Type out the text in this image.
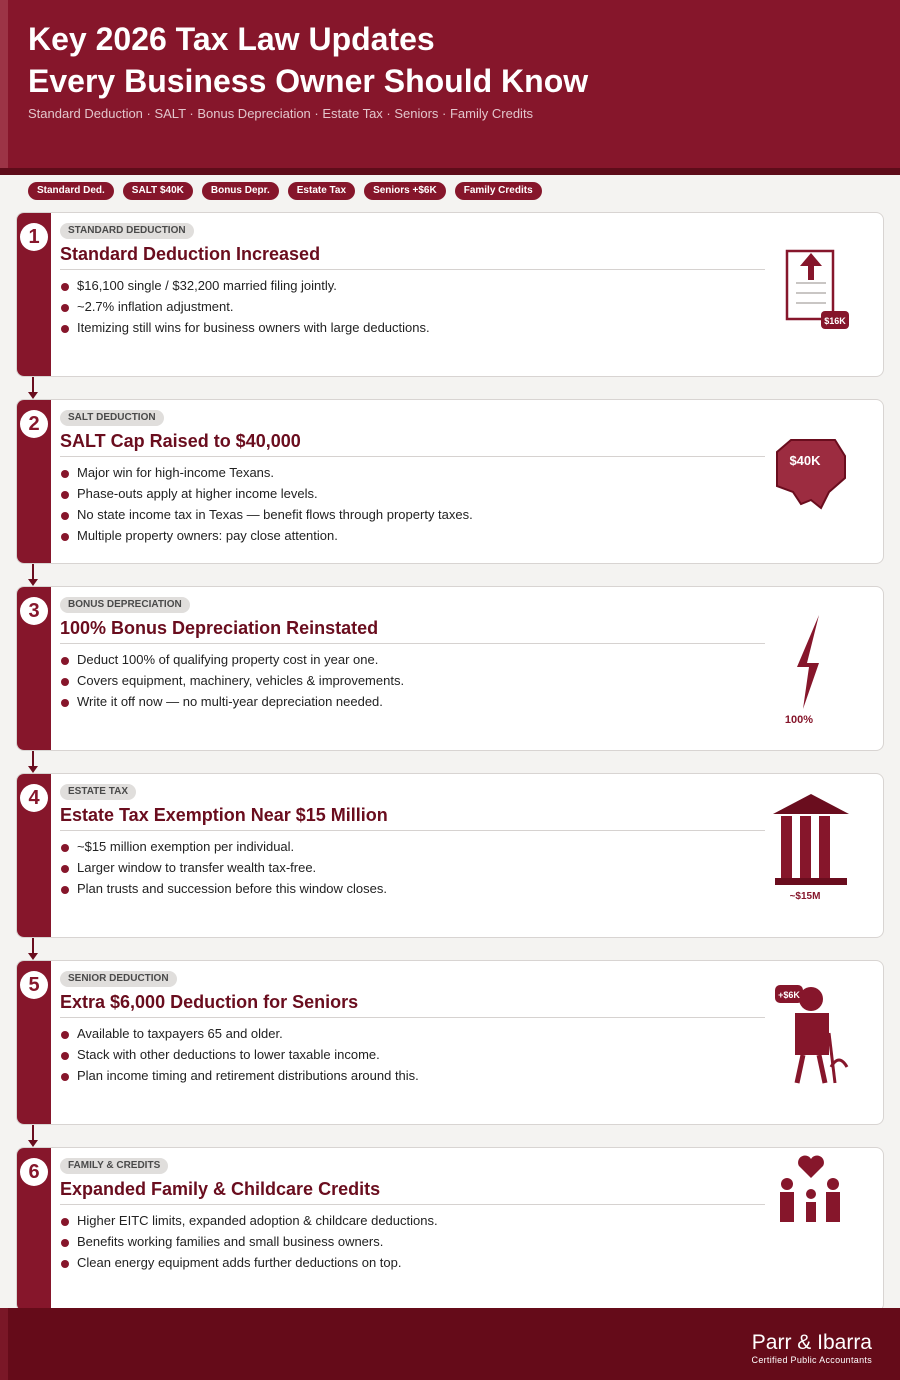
Key 2026 Tax Law Updates
Every Business Owner Should Know
Standard Deduction · SALT · Bonus Depreciation · Estate Tax · Seniors · Family Credits
Standard Ded.	SALT $40K	Bonus Depr.	Estate Tax	Seniors +$6K	Family Credits
1	STANDARD DEDUCTION
Standard Deduction Increased
$16,100 single / $32,200 married filing jointly.
~2.7% inflation adjustment.
Itemizing still wins for business owners with large deductions.	$16K
2	SALT DEDUCTION
SALT Cap Raised to $40,000
Major win for high-income Texans.
Phase-outs apply at higher income levels.
No state income tax in Texas — benefit flows through property taxes.
Multiple property owners: pay close attention.
$40K
3	BONUS DEPRECIATION
100% Bonus Depreciation Reinstated
Deduct 100% of qualifying property cost in year one.
Covers equipment, machinery, vehicles & improvements.
Write it off now — no multi-year depreciation needed.
100%
4	ESTATE TAX
Estate Tax Exemption Near $15 Million
~$15 million exemption per individual.
Larger window to transfer wealth tax-free.
Plan trusts and succession before this window closes.
~$15M
5	SENIOR DEDUCTION
Extra $6,000 Deduction for Seniors
Available to taxpayers 65 and older.
Stack with other deductions to lower taxable income.
Plan income timing and retirement distributions around this.
+$6K
6	FAMILY & CREDITS
Expanded Family & Childcare Credits
Higher EITC limits, expanded adoption & childcare deductions.
Benefits working families and small business owners.
Clean energy equipment adds further deductions on top.
Parr & Ibarra
Certified Public Accountants
